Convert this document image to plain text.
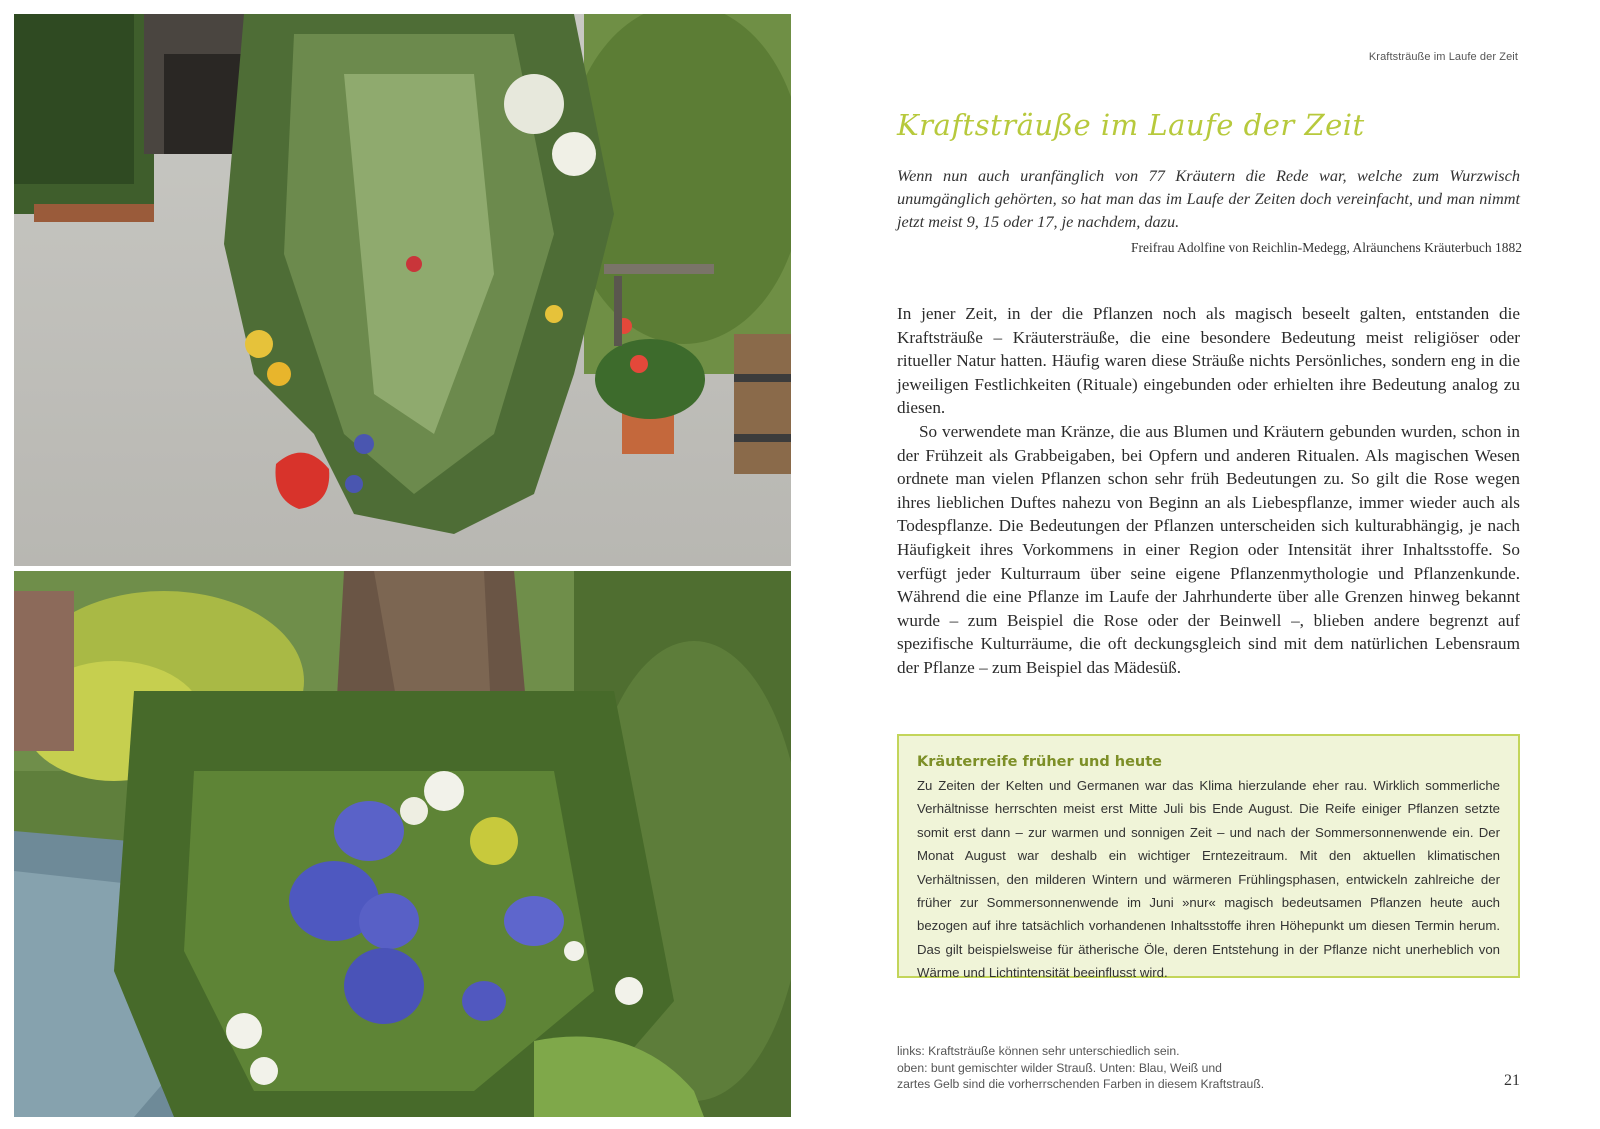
Kraftsträuße im Laufe der Zeit
Kraftsträuße im Laufe der Zeit

Wenn nun auch uranfänglich von 77 Kräutern die Rede war, welche zum Wurzwisch unumgänglich gehörten, so hat man das im Laufe der Zeiten doch vereinfacht, und man nimmt jetzt meist 9, 15 oder 17, je nachdem, dazu.

Freifrau Adolfine von Reichlin-Medegg, Alräunchens Kräuterbuch 1882

In jener Zeit, in der die Pflanzen noch als magisch beseelt galten, entstanden die Kraftsträuße – Kräutersträuße, die eine besondere Bedeutung meist religiöser oder ritueller Natur hatten. Häufig waren diese Sträuße nichts Persönliches, sondern eng in die jeweiligen Festlichkeiten (Rituale) eingebunden oder erhielten ihre Bedeutung analog zu diesen.

So verwendete man Kränze, die aus Blumen und Kräutern gebunden wurden, schon in der Frühzeit als Grabbeigaben, bei Opfern und anderen Ritualen. Als magischen Wesen ordnete man vielen Pflanzen schon sehr früh Bedeutungen zu. So gilt die Rose wegen ihres lieblichen Duftes nahezu von Beginn an als Liebespflanze, immer wieder auch als Todespflanze. Die Bedeutungen der Pflanzen unterscheiden sich kulturabhängig, je nach Häufigkeit ihres Vorkommens in einer Region oder Intensität ihrer Inhaltsstoffe. So verfügt jeder Kulturraum über seine eigene Pflanzenmythologie und Pflanzenkunde. Während die eine Pflanze im Laufe der Jahrhunderte über alle Grenzen hinweg bekannt wurde – zum Beispiel die Rose oder der Beinwell –, blieben andere begrenzt auf spezifische Kulturräume, die oft deckungsgleich sind mit dem natürlichen Lebensraum der Pflanze – zum Beispiel das Mädesüß.

Kräuterreife früher und heute

Zu Zeiten der Kelten und Germanen war das Klima hierzulande eher rau. Wirklich sommerliche Verhältnisse herrschten meist erst Mitte Juli bis Ende August. Die Reife einiger Pflanzen setzte somit erst dann – zur warmen und sonnigen Zeit – und nach der Sommersonnenwende ein. Der Monat August war deshalb ein wichtiger Erntezeitraum. Mit den aktuellen klimatischen Verhältnissen, den milderen Wintern und wärmeren Frühlingsphasen, entwickeln zahlreiche der früher zur Sommersonnenwende im Juni »nur« magisch bedeutsamen Pflanzen heute auch bezogen auf ihre tatsächlich vorhandenen Inhaltsstoffe ihren Höhepunkt um diesen Termin herum. Das gilt beispielsweise für ätherische Öle, deren Entstehung in der Pflanze nicht unerheblich von Wärme und Lichtintensität beeinflusst wird.

links: Kraftsträuße können sehr unterschiedlich sein.
oben: bunt gemischter wilder Strauß. Unten: Blau, Weiß und
zartes Gelb sind die vorherrschenden Farben in diesem Kraftstrauß.	21
